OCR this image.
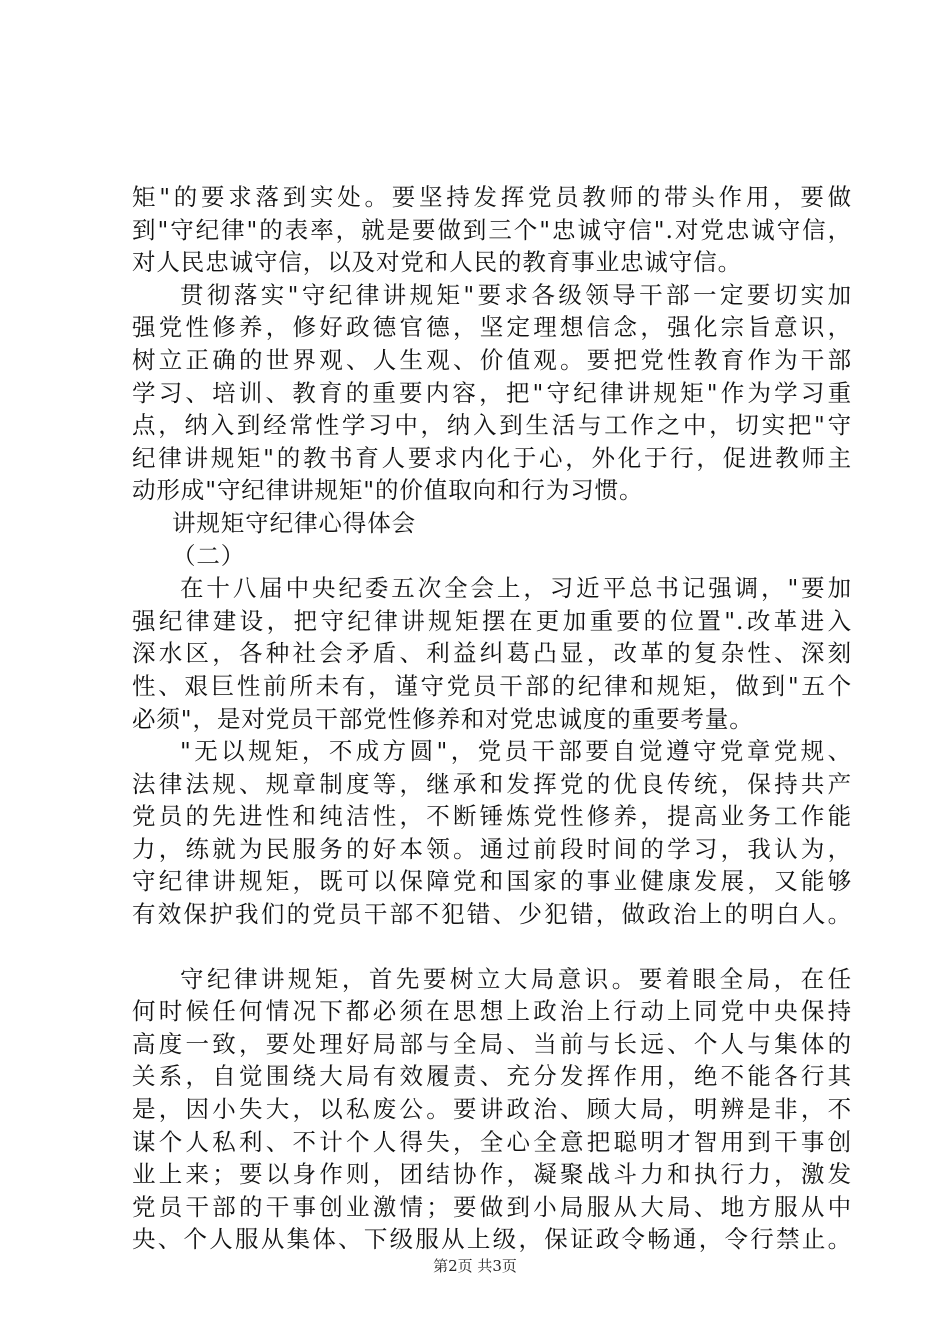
矩"的要求落到实处。要坚持发挥党员教师的带头作用，要做
到"守纪律"的表率，就是要做到三个"忠诚守信".对党忠诚守信，
对人民忠诚守信，以及对党和人民的教育事业忠诚守信。
贯彻落实"守纪律讲规矩"要求各级领导干部一定要切实加
强党性修养，修好政德官德，坚定理想信念，强化宗旨意识，
树立正确的世界观、人生观、价值观。要把党性教育作为干部
学习、培训、教育的重要内容，把"守纪律讲规矩"作为学习重
点，纳入到经常性学习中，纳入到生活与工作之中，切实把"守
纪律讲规矩"的教书育人要求内化于心，外化于行，促进教师主
动形成"守纪律讲规矩"的价值取向和行为习惯。
讲规矩守纪律心得体会
（二）
在十八届中央纪委五次全会上，习近平总书记强调，"要加
强纪律建设，把守纪律讲规矩摆在更加重要的位置".改革进入
深水区，各种社会矛盾、利益纠葛凸显，改革的复杂性、深刻
性、艰巨性前所未有，谨守党员干部的纪律和规矩，做到"五个
必须"，是对党员干部党性修养和对党忠诚度的重要考量。
"无以规矩，不成方圆"，党员干部要自觉遵守党章党规、
法律法规、规章制度等，继承和发挥党的优良传统，保持共产
党员的先进性和纯洁性，不断锤炼党性修养，提高业务工作能
力，练就为民服务的好本领。通过前段时间的学习，我认为，
守纪律讲规矩，既可以保障党和国家的事业健康发展，又能够
有效保护我们的党员干部不犯错、少犯错，做政治上的明白人。
守纪律讲规矩，首先要树立大局意识。要着眼全局，在任
何时候任何情况下都必须在思想上政治上行动上同党中央保持
高度一致，要处理好局部与全局、当前与长远、个人与集体的
关系，自觉围绕大局有效履责、充分发挥作用，绝不能各行其
是，因小失大，以私废公。要讲政治、顾大局，明辨是非，不
谋个人私利、不计个人得失，全心全意把聪明才智用到干事创
业上来；要以身作则，团结协作，凝聚战斗力和执行力，激发
党员干部的干事创业激情；要做到小局服从大局、地方服从中
央、个人服从集体、下级服从上级，保证政令畅通，令行禁止。
第2页 共3页
